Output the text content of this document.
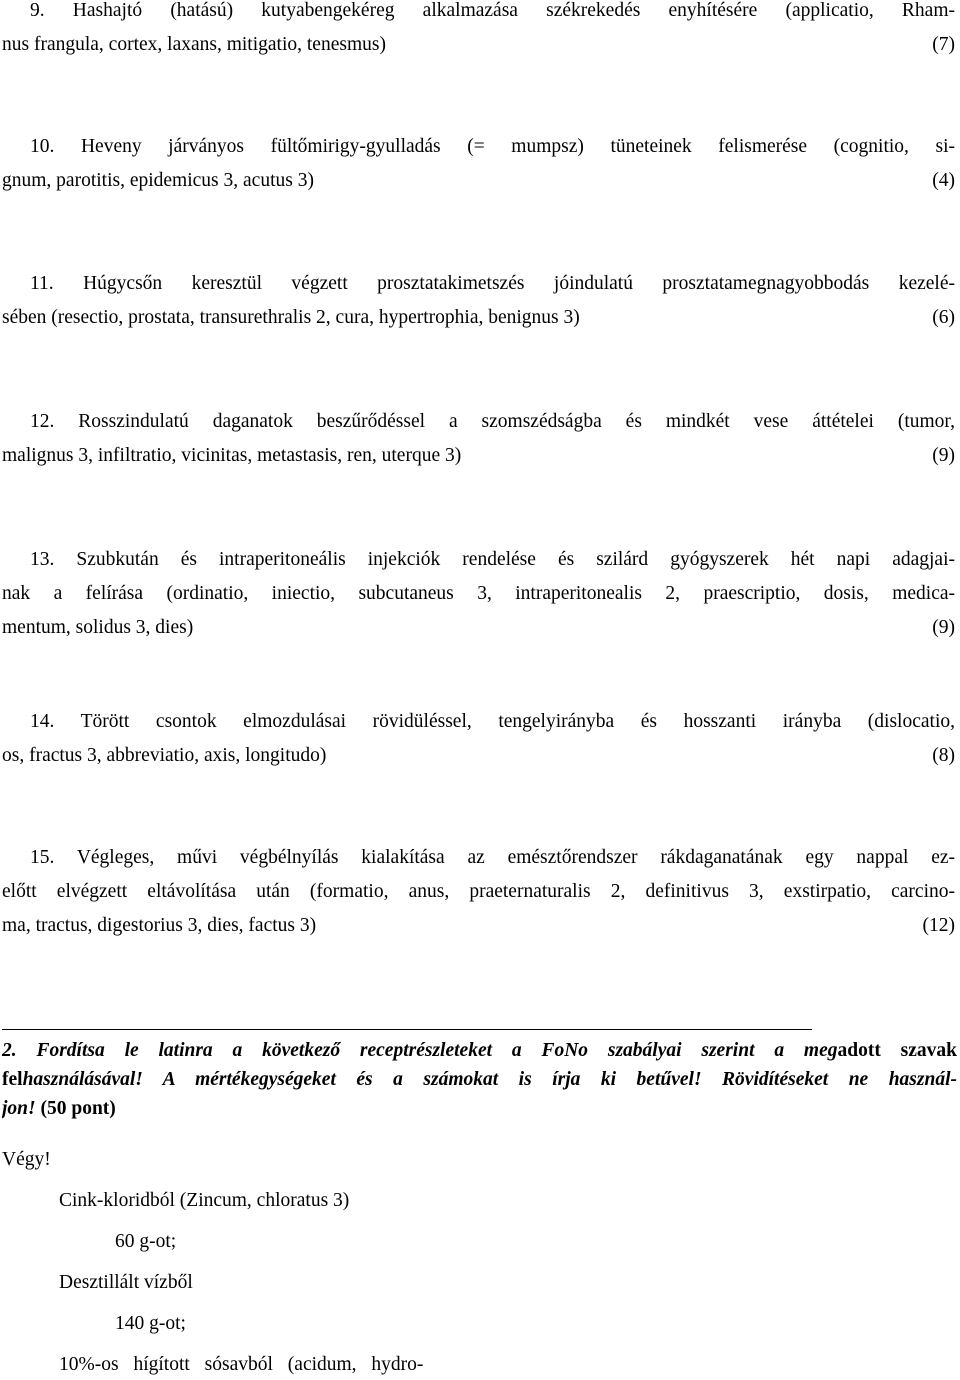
9. Hashajtó (hatású) kutyabengekéreg alkalmazása székrekedés enyhítésére (applicatio, Rham-
nus frangula, cortex, laxans, mitigatio, tenesmus)	(7)
10. Heveny járványos fültőmirigy-gyulladás (= mumpsz) tüneteinek felismerése (cognitio, si-
gnum, parotitis, epidemicus 3, acutus 3)	(4)
11. Húgycsőn keresztül végzett prosztatakimetszés jóindulatú prosztatamegnagyobbodás kezelé-
sében (resectio, prostata, transurethralis 2, cura, hypertrophia, benignus 3)	(6)
12. Rosszindulatú daganatok beszűrődéssel a szomszédságba és mindkét vese áttételei (tumor,
malignus 3, infiltratio, vicinitas, metastasis, ren, uterque 3)	(9)
13. Szubkután és intraperitoneális injekciók rendelése és szilárd gyógyszerek hét napi adagjai-
nak a felírása (ordinatio, iniectio, subcutaneus 3, intraperitonealis 2, praescriptio, dosis, medica-
mentum, solidus 3, dies)	(9)
14. Törött csontok elmozdulásai rövidüléssel, tengelyirányba és hosszanti irányba (dislocatio,
os, fractus 3, abbreviatio, axis, longitudo)	(8)
15. Végleges, művi végbélnyílás kialakítása az emésztőrendszer rákdaganatának egy nappal ez-
előtt elvégzett eltávolítása után (formatio, anus, praeternaturalis 2, definitivus 3, exstirpatio, carcino-
ma, tractus, digestorius 3, dies, factus 3)	(12)
2. Fordítsa le latinra a következő receptrészleteket a FoNo szabályai szerint a megadott szavak
felhasználásával! A mértékegységeket és a számokat is írja ki betűvel! Rövidítéseket ne használ-
jon! (50 pont)
Végy!
Cink-kloridból (Zincum, chloratus 3)
60 g-ot;
Desztillált vízből
140 g-ot;
10%-os hígított sósavból (acidum, hydro-
